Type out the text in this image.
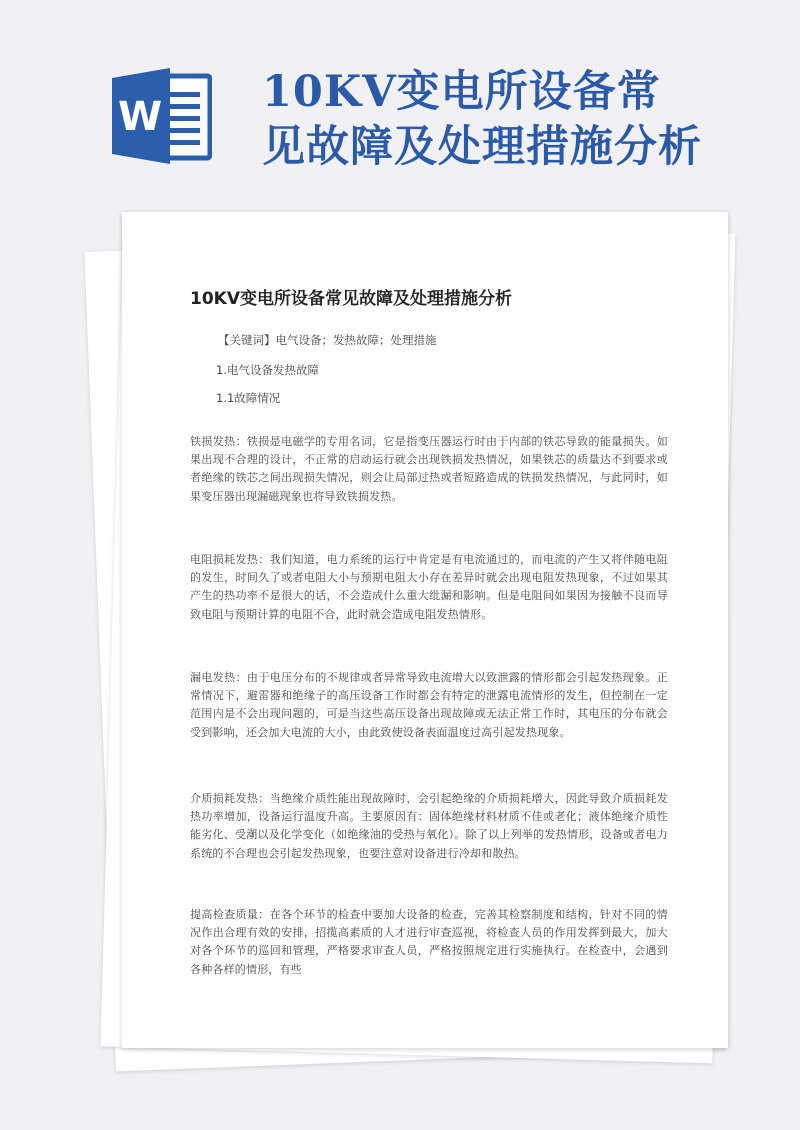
W 10KV变电所设备常
见故障及处理措施分析
10KV变电所设备常见故障及处理措施分析
【关键词】电气设备；发热故障；处理措施
1.电气设备发热故障
1.1故障情况

铁损发热：铁损是电磁学的专用名词，它是指变压器运行时由于内部的铁芯导致的能量损失。如果出现不合理的设计，不正常的启动运行就会出现铁损发热情况，如果铁芯的质量达不到要求或者绝缘的铁芯之间出现损失情况，则会让局部过热或者短路造成的铁损发热情况，与此同时，如果变压器出现漏磁现象也将导致铁损发热。

电阻损耗发热：我们知道，电力系统的运行中肯定是有电流通过的，而电流的产生又将伴随电阻的发生，时间久了或者电阻大小与预期电阻大小存在差异时就会出现电阻发热现象，不过如果其产生的热功率不是很大的话，不会造成什么重大纰漏和影响。但是电阻间如果因为接触不良而导致电阻与预期计算的电阻不合，此时就会造成电阻发热情形。

漏电发热：由于电压分布的不规律或者异常导致电流增大以致泄露的情形都会引起发热现象。正常情况下，避雷器和绝缘子的高压设备工作时都会有特定的泄露电流情形的发生，但控制在一定范围内是不会出现问题的，可是当这些高压设备出现故障或无法正常工作时，其电压的分布就会受到影响，还会加大电流的大小，由此致使设备表面温度过高引起发热现象。

介质损耗发热：当绝缘介质性能出现故障时，会引起绝缘的介质损耗增大，因此导致介质损耗发热功率增加，设备运行温度升高。主要原因有：固体绝缘材料材质不佳或老化；液体绝缘介质性能劣化、受潮以及化学变化（如绝缘油的受热与氧化）。除了以上列举的发热情形，设备或者电力系统的不合理也会引起发热现象，也要注意对设备进行冷却和散热。

提高检查质量：在各个环节的检查中要加大设备的检查，完善其检察制度和结构，针对不同的情况作出合理有效的安排，招揽高素质的人才进行审查巡视，将检查人员的作用发挥到最大，加大对各个环节的巡回和管理，严格要求审查人员，严格按照规定进行实施执行。在检查中，会遇到各种各样的情形，有些
